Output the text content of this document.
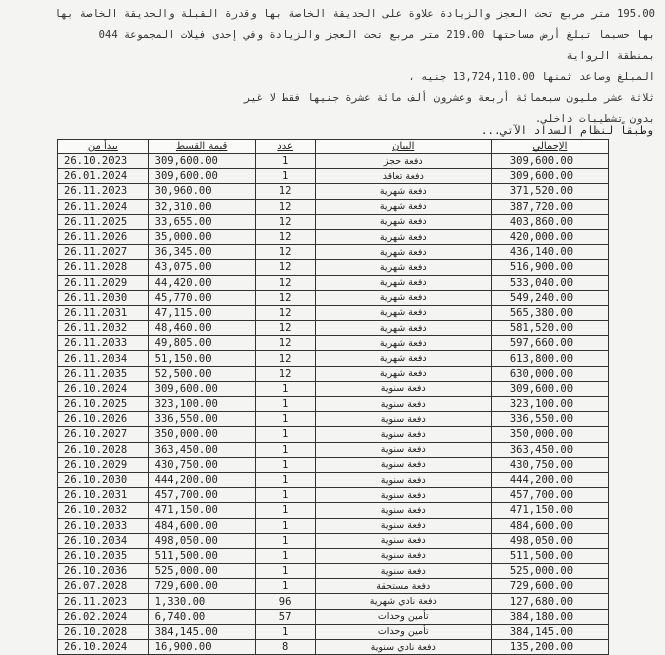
195.00 متر مربع تحت العجز والزيادة علاوة على الحديقة الخاصة بها وقدرة القبلة والحديقة الخاصة بها
بها حسبما تبلغ أرض مساحتها 219.00 متر مربع تحت العجز والزيادة وفي إحدى فيلات المجموعة 044
بمنطقة الرواية
المبلغ وصاعد ثمنها 13,724,110.00 جنيه ،
ثلاثة عشر مليون سبعمائة أربعة وعشرون ألف مائة عشرة جنيها فقط لا غير
بدون تشطيبات داخلي.
وطبقاً لنظام السداد الآتي...
يبدأ من	قيمة القسط	عدد	البيان	الإجمالي
26.10.2023	309,600.00	1	دفعة حجز	309,600.00
26.01.2024	309,600.00	1	دفعة تعاقد	309,600.00
26.11.2023	30,960.00	12	دفعة شهرية	371,520.00
26.11.2024	32,310.00	12	دفعة شهرية	387,720.00
26.11.2025	33,655.00	12	دفعة شهرية	403,860.00
26.11.2026	35,000.00	12	دفعة شهرية	420,000.00
26.11.2027	36,345.00	12	دفعة شهرية	436,140.00
26.11.2028	43,075.00	12	دفعة شهرية	516,900.00
26.11.2029	44,420.00	12	دفعة شهرية	533,040.00
26.11.2030	45,770.00	12	دفعة شهرية	549,240.00
26.11.2031	47,115.00	12	دفعة شهرية	565,380.00
26.11.2032	48,460.00	12	دفعة شهرية	581,520.00
26.11.2033	49,805.00	12	دفعة شهرية	597,660.00
26.11.2034	51,150.00	12	دفعة شهرية	613,800.00
26.11.2035	52,500.00	12	دفعة شهرية	630,000.00
26.10.2024	309,600.00	1	دفعة سنوية	309,600.00
26.10.2025	323,100.00	1	دفعة سنوية	323,100.00
26.10.2026	336,550.00	1	دفعة سنوية	336,550.00
26.10.2027	350,000.00	1	دفعة سنوية	350,000.00
26.10.2028	363,450.00	1	دفعة سنوية	363,450.00
26.10.2029	430,750.00	1	دفعة سنوية	430,750.00
26.10.2030	444,200.00	1	دفعة سنوية	444,200.00
26.10.2031	457,700.00	1	دفعة سنوية	457,700.00
26.10.2032	471,150.00	1	دفعة سنوية	471,150.00
26.10.2033	484,600.00	1	دفعة سنوية	484,600.00
26.10.2034	498,050.00	1	دفعة سنوية	498,050.00
26.10.2035	511,500.00	1	دفعة سنوية	511,500.00
26.10.2036	525,000.00	1	دفعة سنوية	525,000.00
26.07.2028	729,600.00	1	دفعة مستحقة	729,600.00
26.11.2023	1,330.00	96	دفعة نادي شهرية	127,680.00
26.02.2024	6,740.00	57	تأمين وحدات	384,180.00
26.10.2028	384,145.00	1	تأمين وحدات	384,145.00
26.10.2024	16,900.00	8	دفعة نادي سنوية	135,200.00
